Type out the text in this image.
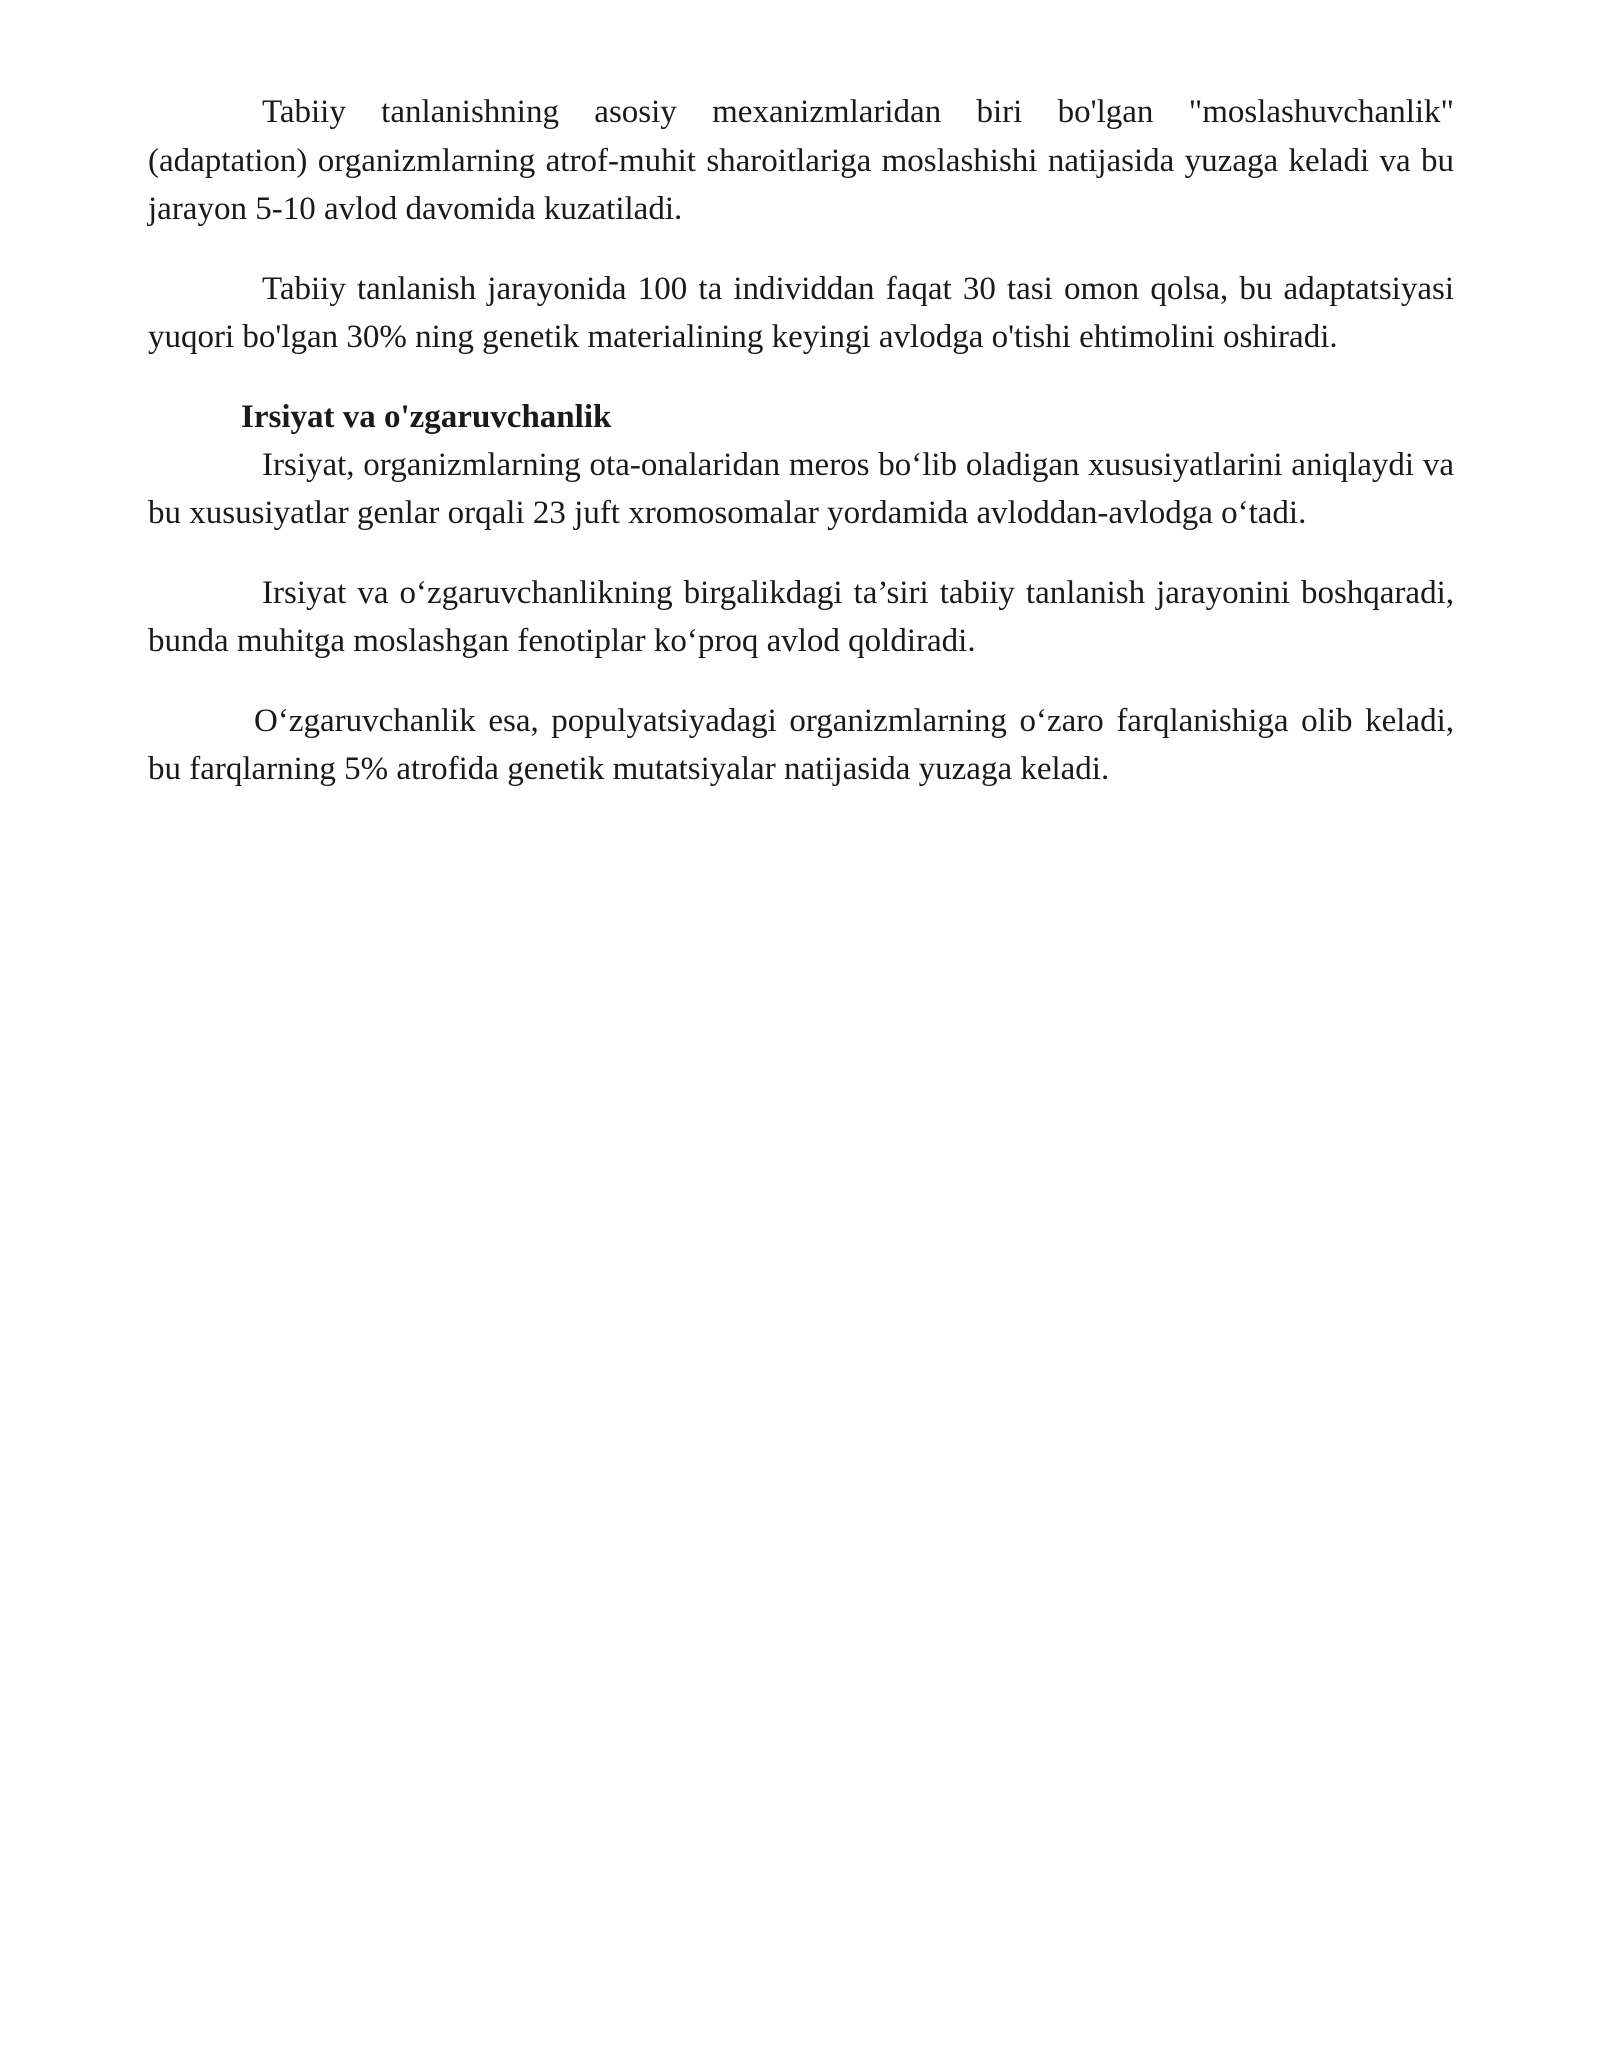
Tabiiy tanlanishning asosiy mexanizmlaridan biri bo'lgan "moslashuvchanlik" (adaptation) organizmlarning atrof-muhit sharoitlariga moslashishi natijasida yuzaga keladi va bu jarayon 5-10 avlod davomida kuzatiladi.

Tabiiy tanlanish jarayonida 100 ta individdan faqat 30 tasi omon qolsa, bu adaptatsiyasi yuqori bo'lgan 30% ning genetik materialining keyingi avlodga o'tishi ehtimolini oshiradi.

Irsiyat va o'zgaruvchanlik

Irsiyat, organizmlarning ota-onalaridan meros bo‘lib oladigan xususiyatlarini aniqlaydi va bu xususiyatlar genlar orqali 23 juft xromosomalar yordamida avloddan-avlodga o‘tadi.

Irsiyat va o‘zgaruvchanlikning birgalikdagi ta’siri tabiiy tanlanish jarayonini boshqaradi, bunda muhitga moslashgan fenotiplar ko‘proq avlod qoldiradi.

O‘zgaruvchanlik esa, populyatsiyadagi organizmlarning o‘zaro farqlanishiga olib keladi, bu farqlarning 5% atrofida genetik mutatsiyalar natijasida yuzaga keladi.
